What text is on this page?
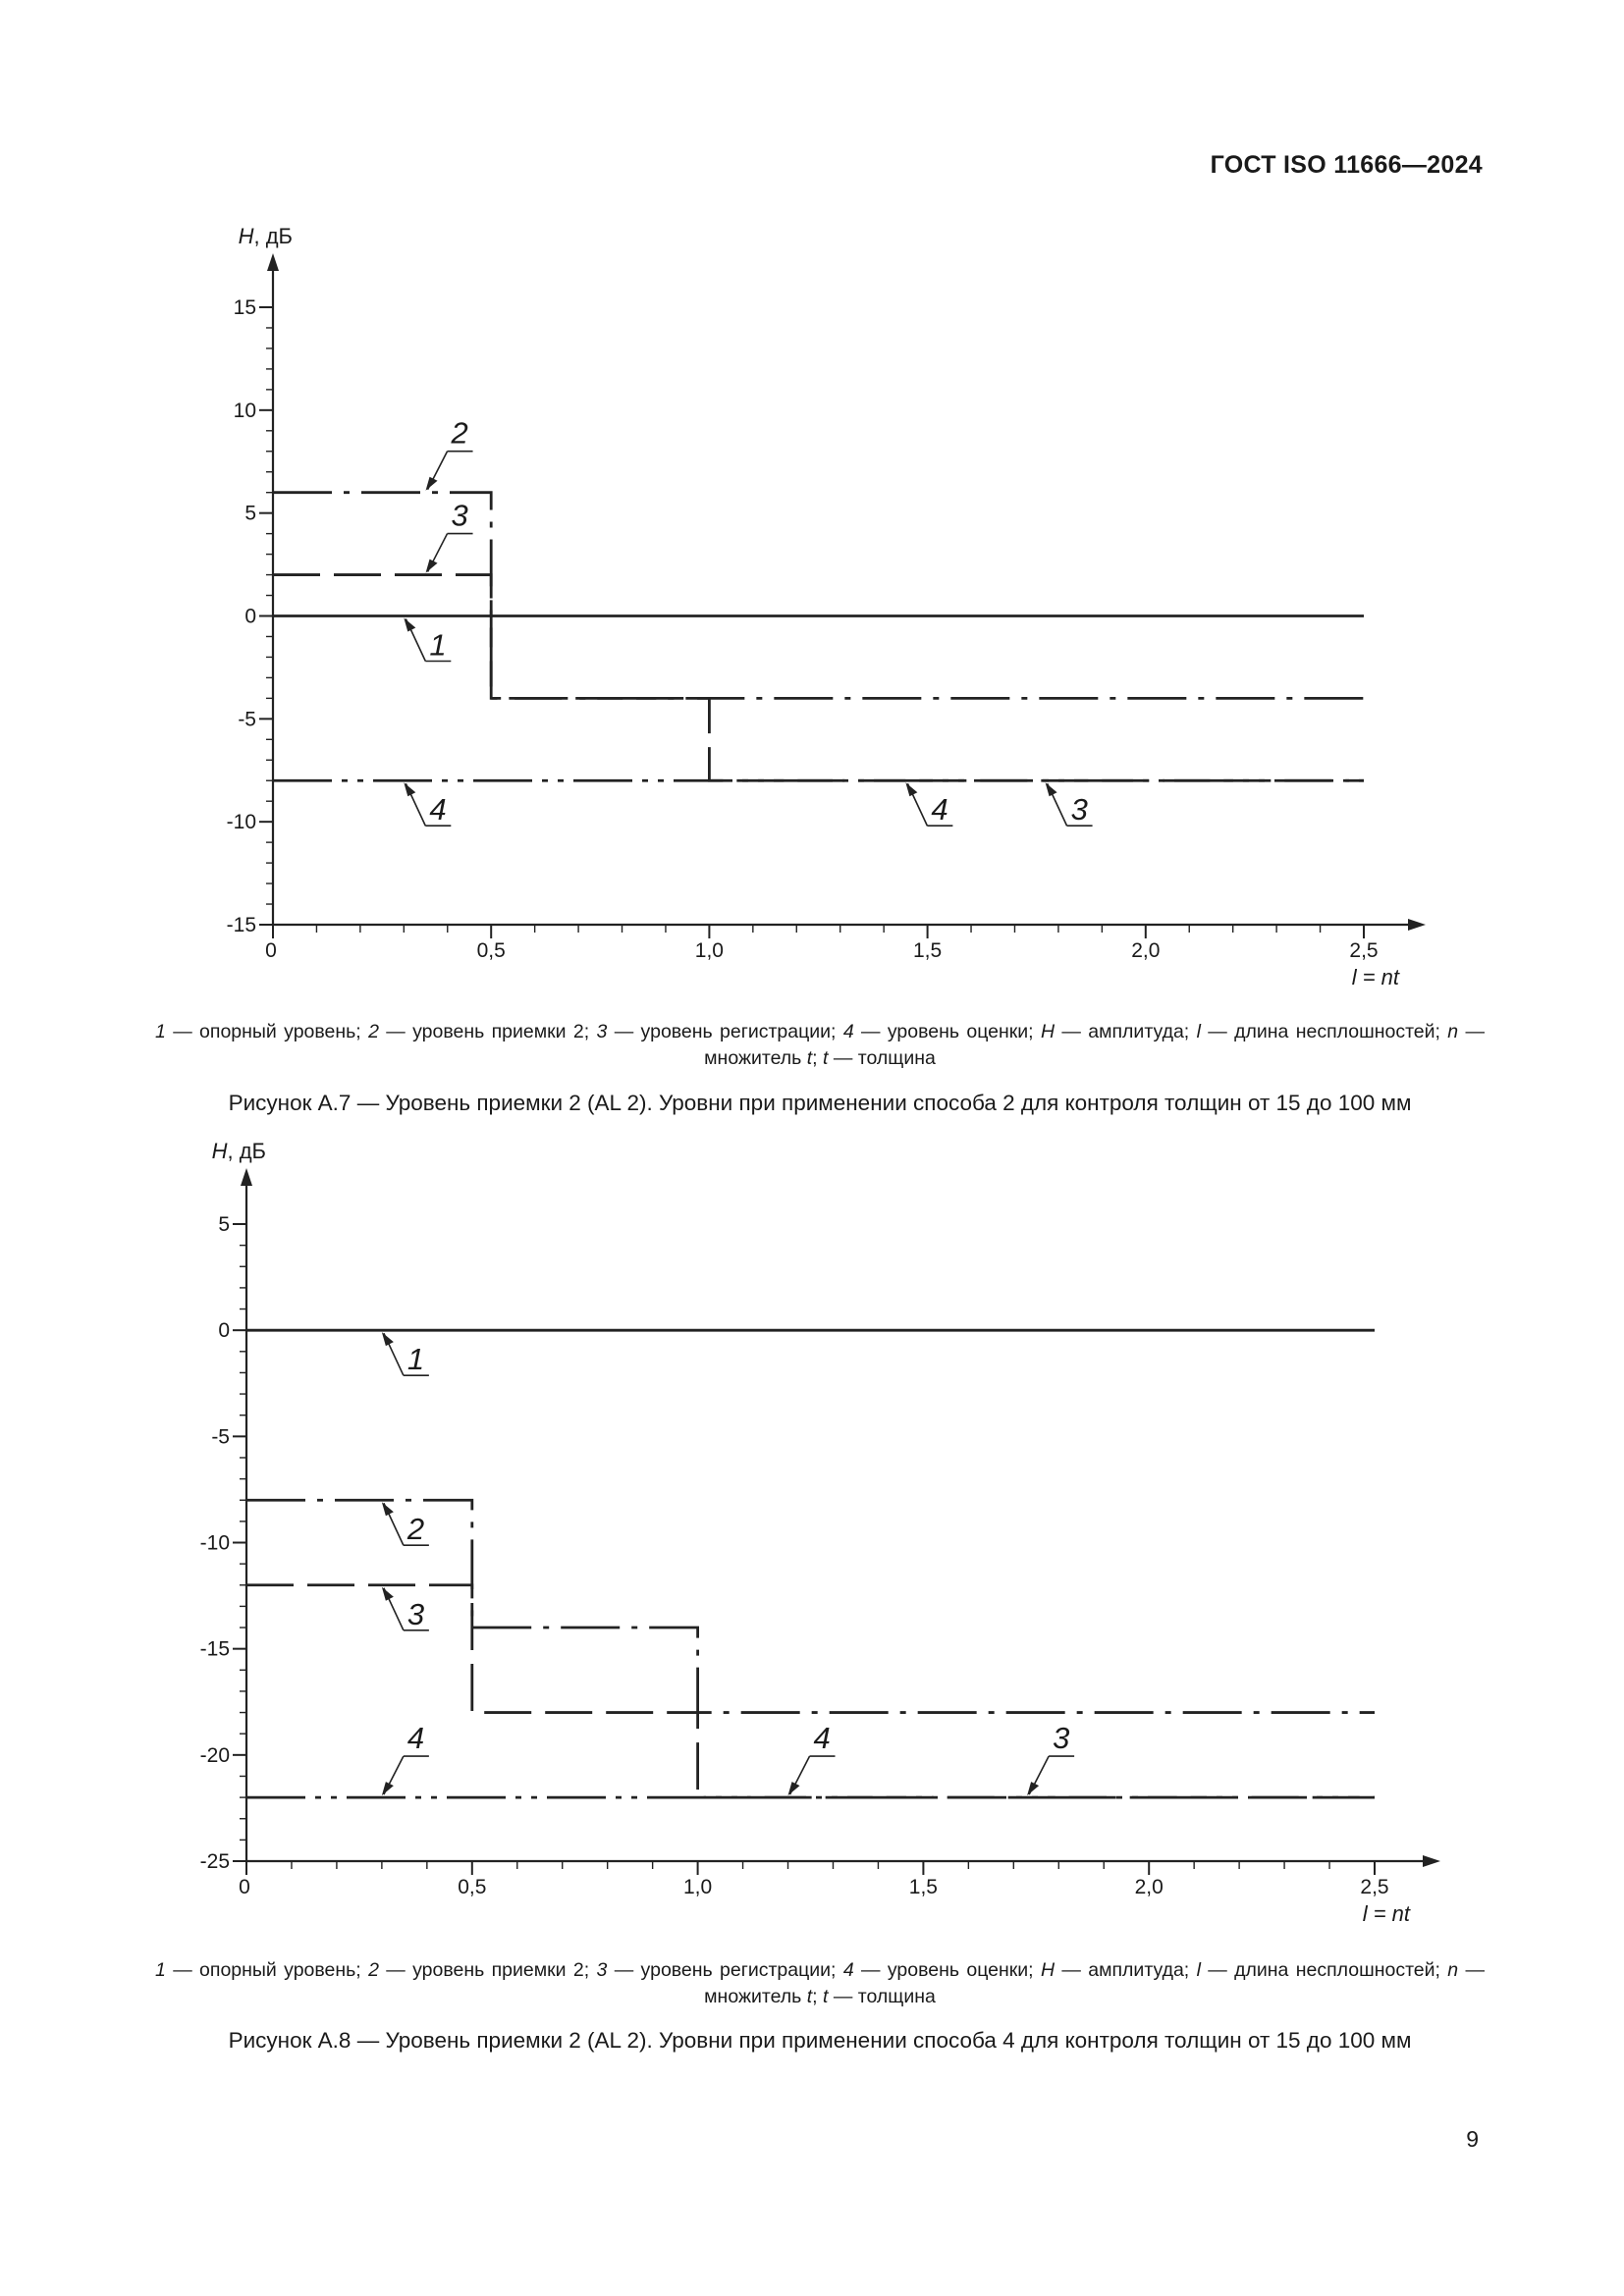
ГОСТ ISO 11666—2024
15
10
5
0
-5
-10
-15
0	0,5	1,0	1,5	2,0	2,5
H, дБ
l = nt
2
3
1
4	4	3
1 — опорный уровень; 2 — уровень приемки 2; 3 — уровень регистрации; 4 — уровень оценки; H — амплитуда; l — длина несплошностей; n — множитель t; t — толщина
Рисунок А.7 — Уровень приемки 2 (AL 2). Уровни при применении способа 2 для контроля толщин от 15 до 100 мм
5
0
-5
-10
-15
-20
-25
0	0,5	1,0	1,5	2,0	2,5
H, дБ
l = nt
1
2
3
4	4	3
1 — опорный уровень; 2 — уровень приемки 2; 3 — уровень регистрации; 4 — уровень оценки; H — амплитуда; l — длина несплошностей; n — множитель t; t — толщина
Рисунок А.8 — Уровень приемки 2 (AL 2). Уровни при применении способа 4 для контроля толщин от 15 до 100 мм
9
